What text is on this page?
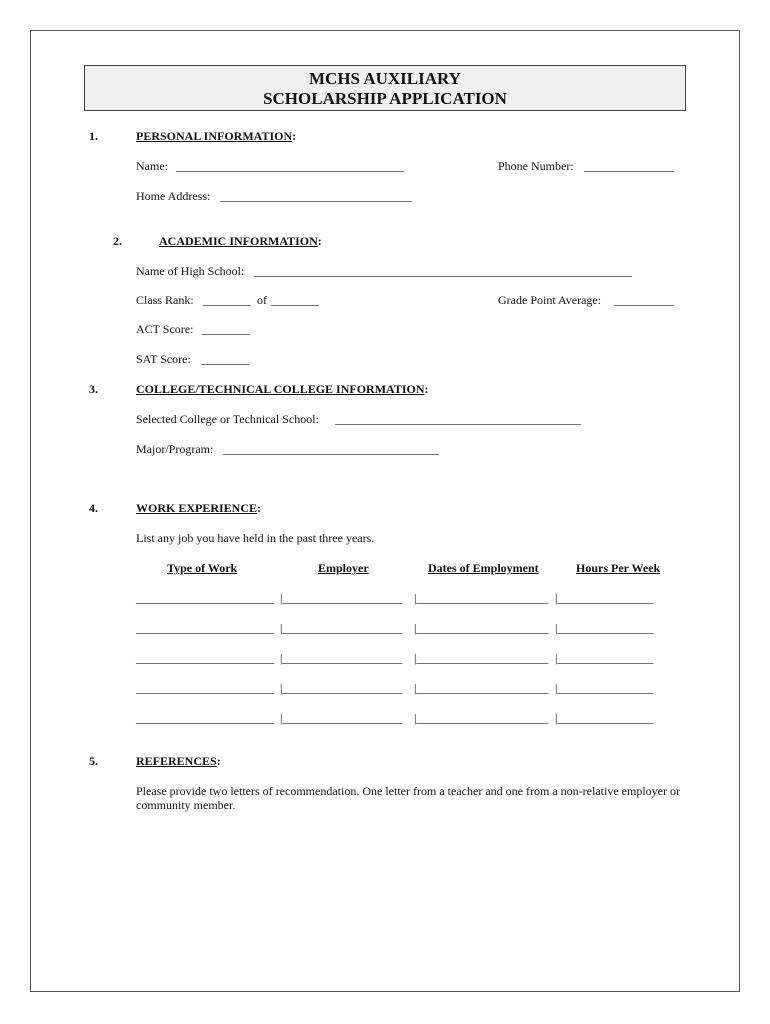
MCHS AUXILIARY
SCHOLARSHIP APPLICATION
1.	PERSONAL INFORMATION:
Name: ______________________________________	Phone Number: _______________
Home Address: ________________________________
2.	ACADEMIC INFORMATION:
Name of High School: _______________________________________________________________
Class Rank: ________ of ________	Grade Point Average: __________
ACT Score: ________
SAT Score: ________
3.	COLLEGE/TECHNICAL COLLEGE INFORMATION:
Selected College or Technical School: _________________________________________
Major/Program: ____________________________________
4.	WORK EXPERIENCE:
List any job you have held in the past three years.
Type of Work	Employer	Dates of Employment	Hours Per Week
_______________________ |____________________ |______________________ |________________
_______________________ |____________________ |______________________ |________________
_______________________ |____________________ |______________________ |________________
_______________________ |____________________ |______________________ |________________
_______________________ |____________________ |______________________ |________________
5.	REFERENCES:
Please provide two letters of recommendation. One letter from a teacher and one from a non-relative employer or community member.
